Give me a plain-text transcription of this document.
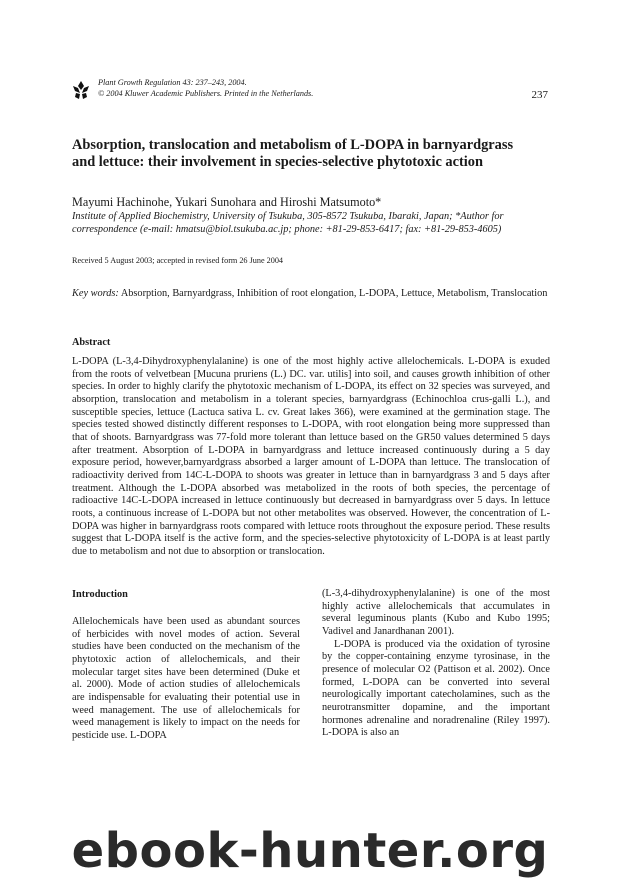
Plant Growth Regulation 43: 237–243, 2004.
© 2004 Kluwer Academic Publishers. Printed in the Netherlands.	237
Absorption, translocation and metabolism of L-DOPA in barnyardgrass
and lettuce: their involvement in species-selective phytotoxic action
Mayumi Hachinohe, Yukari Sunohara and Hiroshi Matsumoto*
Institute of Applied Biochemistry, University of Tsukuba, 305-8572 Tsukuba, Ibaraki, Japan; *Author for correspondence (e-mail: hmatsu@biol.tsukuba.ac.jp; phone: +81-29-853-6417; fax: +81-29-853-4605)
Received 5 August 2003; accepted in revised form 26 June 2004
Key words: Absorption, Barnyardgrass, Inhibition of root elongation, L-DOPA, Lettuce, Metabolism, Translocation
Abstract

L-DOPA (L-3,4-Dihydroxyphenylalanine) is one of the most highly active allelochemicals. L-DOPA is exuded from the roots of velvetbean [Mucuna pruriens (L.) DC. var. utilis] into soil, and causes growth inhibition of other species. In order to highly clarify the phytotoxic mechanism of L-DOPA, its effect on 32 species was surveyed, and absorption, translocation and metabolism in a tolerant species, barnyardgrass (Echinochloa crus-galli L.), and susceptible species, lettuce (Lactuca sativa L. cv. Great lakes 366), were examined at the germination stage. The species tested showed distinctly different responses to L-DOPA, with root elongation being more suppressed than that of shoots. Barnyardgrass was 77-fold more tolerant than lettuce based on the GR50 values determined 5 days after treatment. Absorption of L-DOPA in barnyardgrass and lettuce increased continuously during a 5 day exposure period, however,barnyardgrass absorbed a larger amount of L-DOPA than lettuce. The translocation of radioactivity derived from 14C-L-DOPA to shoots was greater in lettuce than in barnyardgrass 3 and 5 days after treatment. Although the L-DOPA absorbed was metabolized in the roots of both species, the percentage of radioactive 14C-L-DOPA increased in lettuce continuously but decreased in barnyardgrass over 5 days. In lettuce roots, a continuous increase of L-DOPA but not other metabolites was observed. However, the concentration of L-DOPA was higher in barnyardgrass roots compared with lettuce roots throughout the exposure period. These results suggest that L-DOPA itself is the active form, and the species-selective phytotoxicity of L-DOPA is at least partly due to metabolism and not due to absorption or translocation.

Introduction

Allelochemicals have been used as abundant sources of herbicides with novel modes of action. Several studies have been conducted on the mechanism of the phytotoxic action of allelochemicals, and their molecular target sites have been determined (Duke et al. 2000). Mode of action studies of allelochemicals are indispensable for evaluating their potential use in weed management. The use of allelochemicals for weed management is likely to impact on the needs for pesticide use. L-DOPA

(L-3,4-dihydroxyphenylalanine) is one of the most highly active allelochemicals that accumulates in several leguminous plants (Kubo and Kubo 1995; Vadivel and Janardhanan 2001).

L-DOPA is produced via the oxidation of tyrosine by the copper-containing enzyme tyrosinase, in the presence of molecular O2 (Pattison et al. 2002). Once formed, L-DOPA can be converted into several neurologically important catecholamines, such as the neurotransmitter dopamine, and the important hormones adrenaline and noradrenaline (Riley 1997). L-DOPA is also an

ebook-hunter.org
